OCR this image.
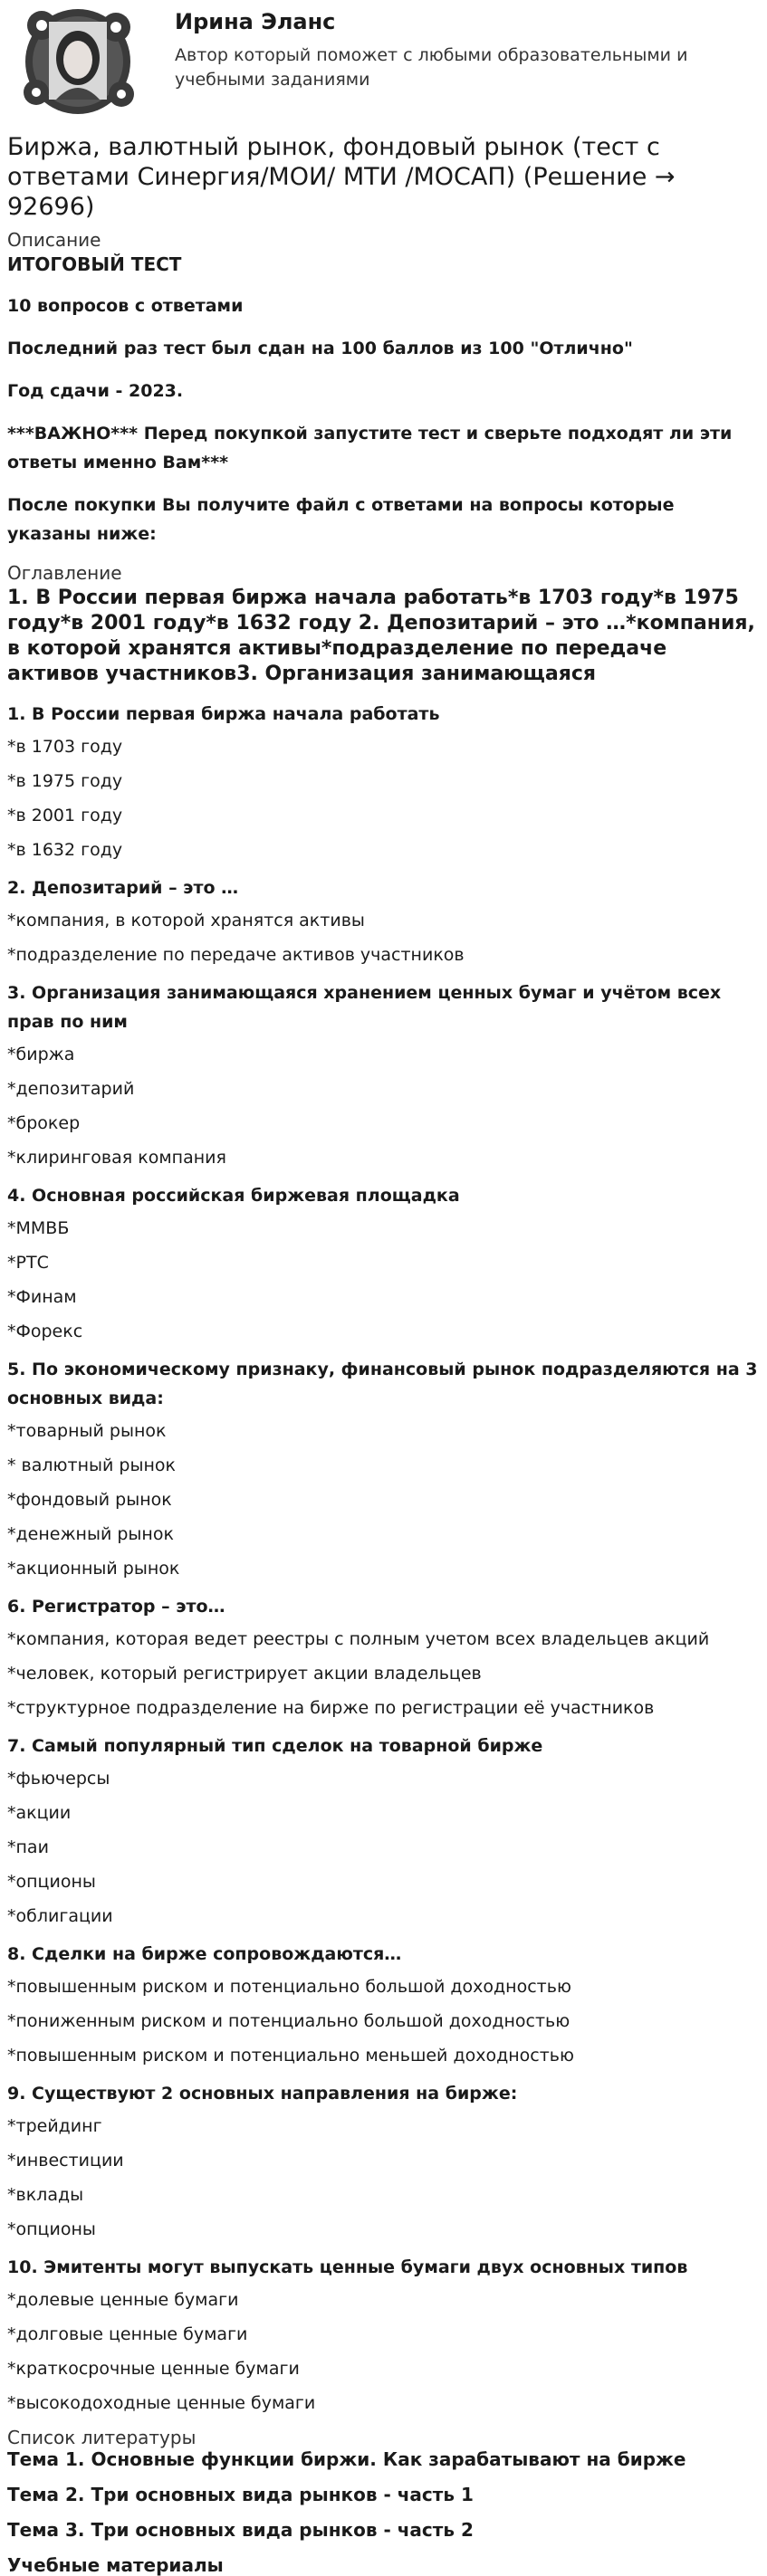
Ирина Эланс
Автор который поможет с любыми образовательными и учебными заданиями
Биржа, валютный рынок, фондовый рынок (тест с ответами Синергия/МОИ/ МТИ /МОСАП) (Решение → 92696)
Описание
ИТОГОВЫЙ ТЕСТ
10 вопросов с ответами
Последний раз тест был сдан на 100 баллов из 100 "Отлично"
Год сдачи - 2023.
***ВАЖНО*** Перед покупкой запустите тест и сверьте подходят ли эти ответы именно Вам***
После покупки Вы получите файл с ответами на вопросы которые указаны ниже:
Оглавление
1. В России первая биржа начала работать*в 1703 году*в 1975 году*в 2001 году*в 1632 году 2. Депозитарий – это …*компания, в которой хранятся активы*подразделение по передаче активов участников3. Организация занимающаяся
1. В России первая биржа начала работать
*в 1703 году
*в 1975 году
*в 2001 году
*в 1632 году
2. Депозитарий – это …
*компания, в которой хранятся активы
*подразделение по передаче активов участников
3. Организация занимающаяся хранением ценных бумаг и учётом всех прав по ним
*биржа
*депозитарий
*брокер
*клиринговая компания
4. Основная российская биржевая площадка
*ММВБ
*РТС
*Финам
*Форекс
5. По экономическому признаку, финансовый рынок подразделяются на 3 основных вида:
*товарный рынок
* валютный рынок
*фондовый рынок
*денежный рынок
*акционный рынок
6. Регистратор – это…
*компания, которая ведет реестры с полным учетом всех владельцев акций
*человек, который регистрирует акции владельцев
*структурное подразделение на бирже по регистрации её участников
7. Самый популярный тип сделок на товарной бирже
*фьючерсы
*акции
*паи
*опционы
*облигации
8. Сделки на бирже сопровождаются…
*повышенным риском и потенциально большой доходностью
*пониженным риском и потенциально большой доходностью
*повышенным риском и потенциально меньшей доходностью
9. Существуют 2 основных направления на бирже:
*трейдинг
*инвестиции
*вклады
*опционы
10. Эмитенты могут выпускать ценные бумаги двух основных типов
*долевые ценные бумаги
*долговые ценные бумаги
*краткосрочные ценные бумаги
*высокодоходные ценные бумаги
Список литературы
Тема 1. Основные функции биржи. Как зарабатывают на бирже
Тема 2. Три основных вида рынков - часть 1
Тема 3. Три основных вида рынков - часть 2
Учебные материалы
